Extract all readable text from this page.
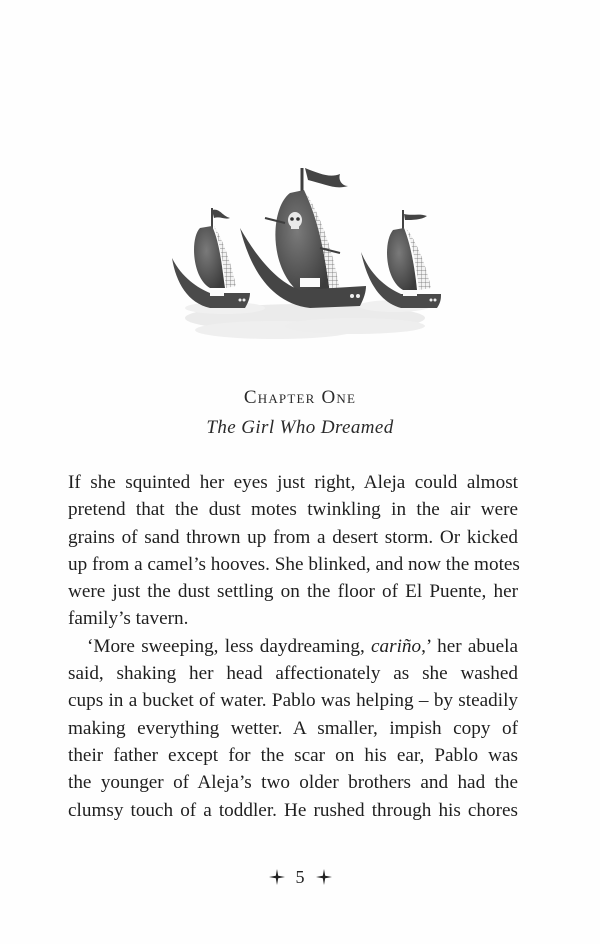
Chapter One
The Girl Who Dreamed

If she squinted her eyes just right, Aleja could almost
pretend that the dust motes twinkling in the air were
grains of sand thrown up from a desert storm. Or kicked
up from a camel’s hooves. She blinked, and now the motes
were just the dust settling on the floor of El Puente, her
family’s tavern.

‘More sweeping, less daydreaming, cariño,’ her abuela
said, shaking her head affectionately as she washed
cups in a bucket of water. Pablo was helping – by steadily
making everything wetter. A smaller, impish copy of
their father except for the scar on his ear, Pablo was
the younger of Aleja’s two older brothers and had the
clumsy touch of a toddler. He rushed through his chores

5
